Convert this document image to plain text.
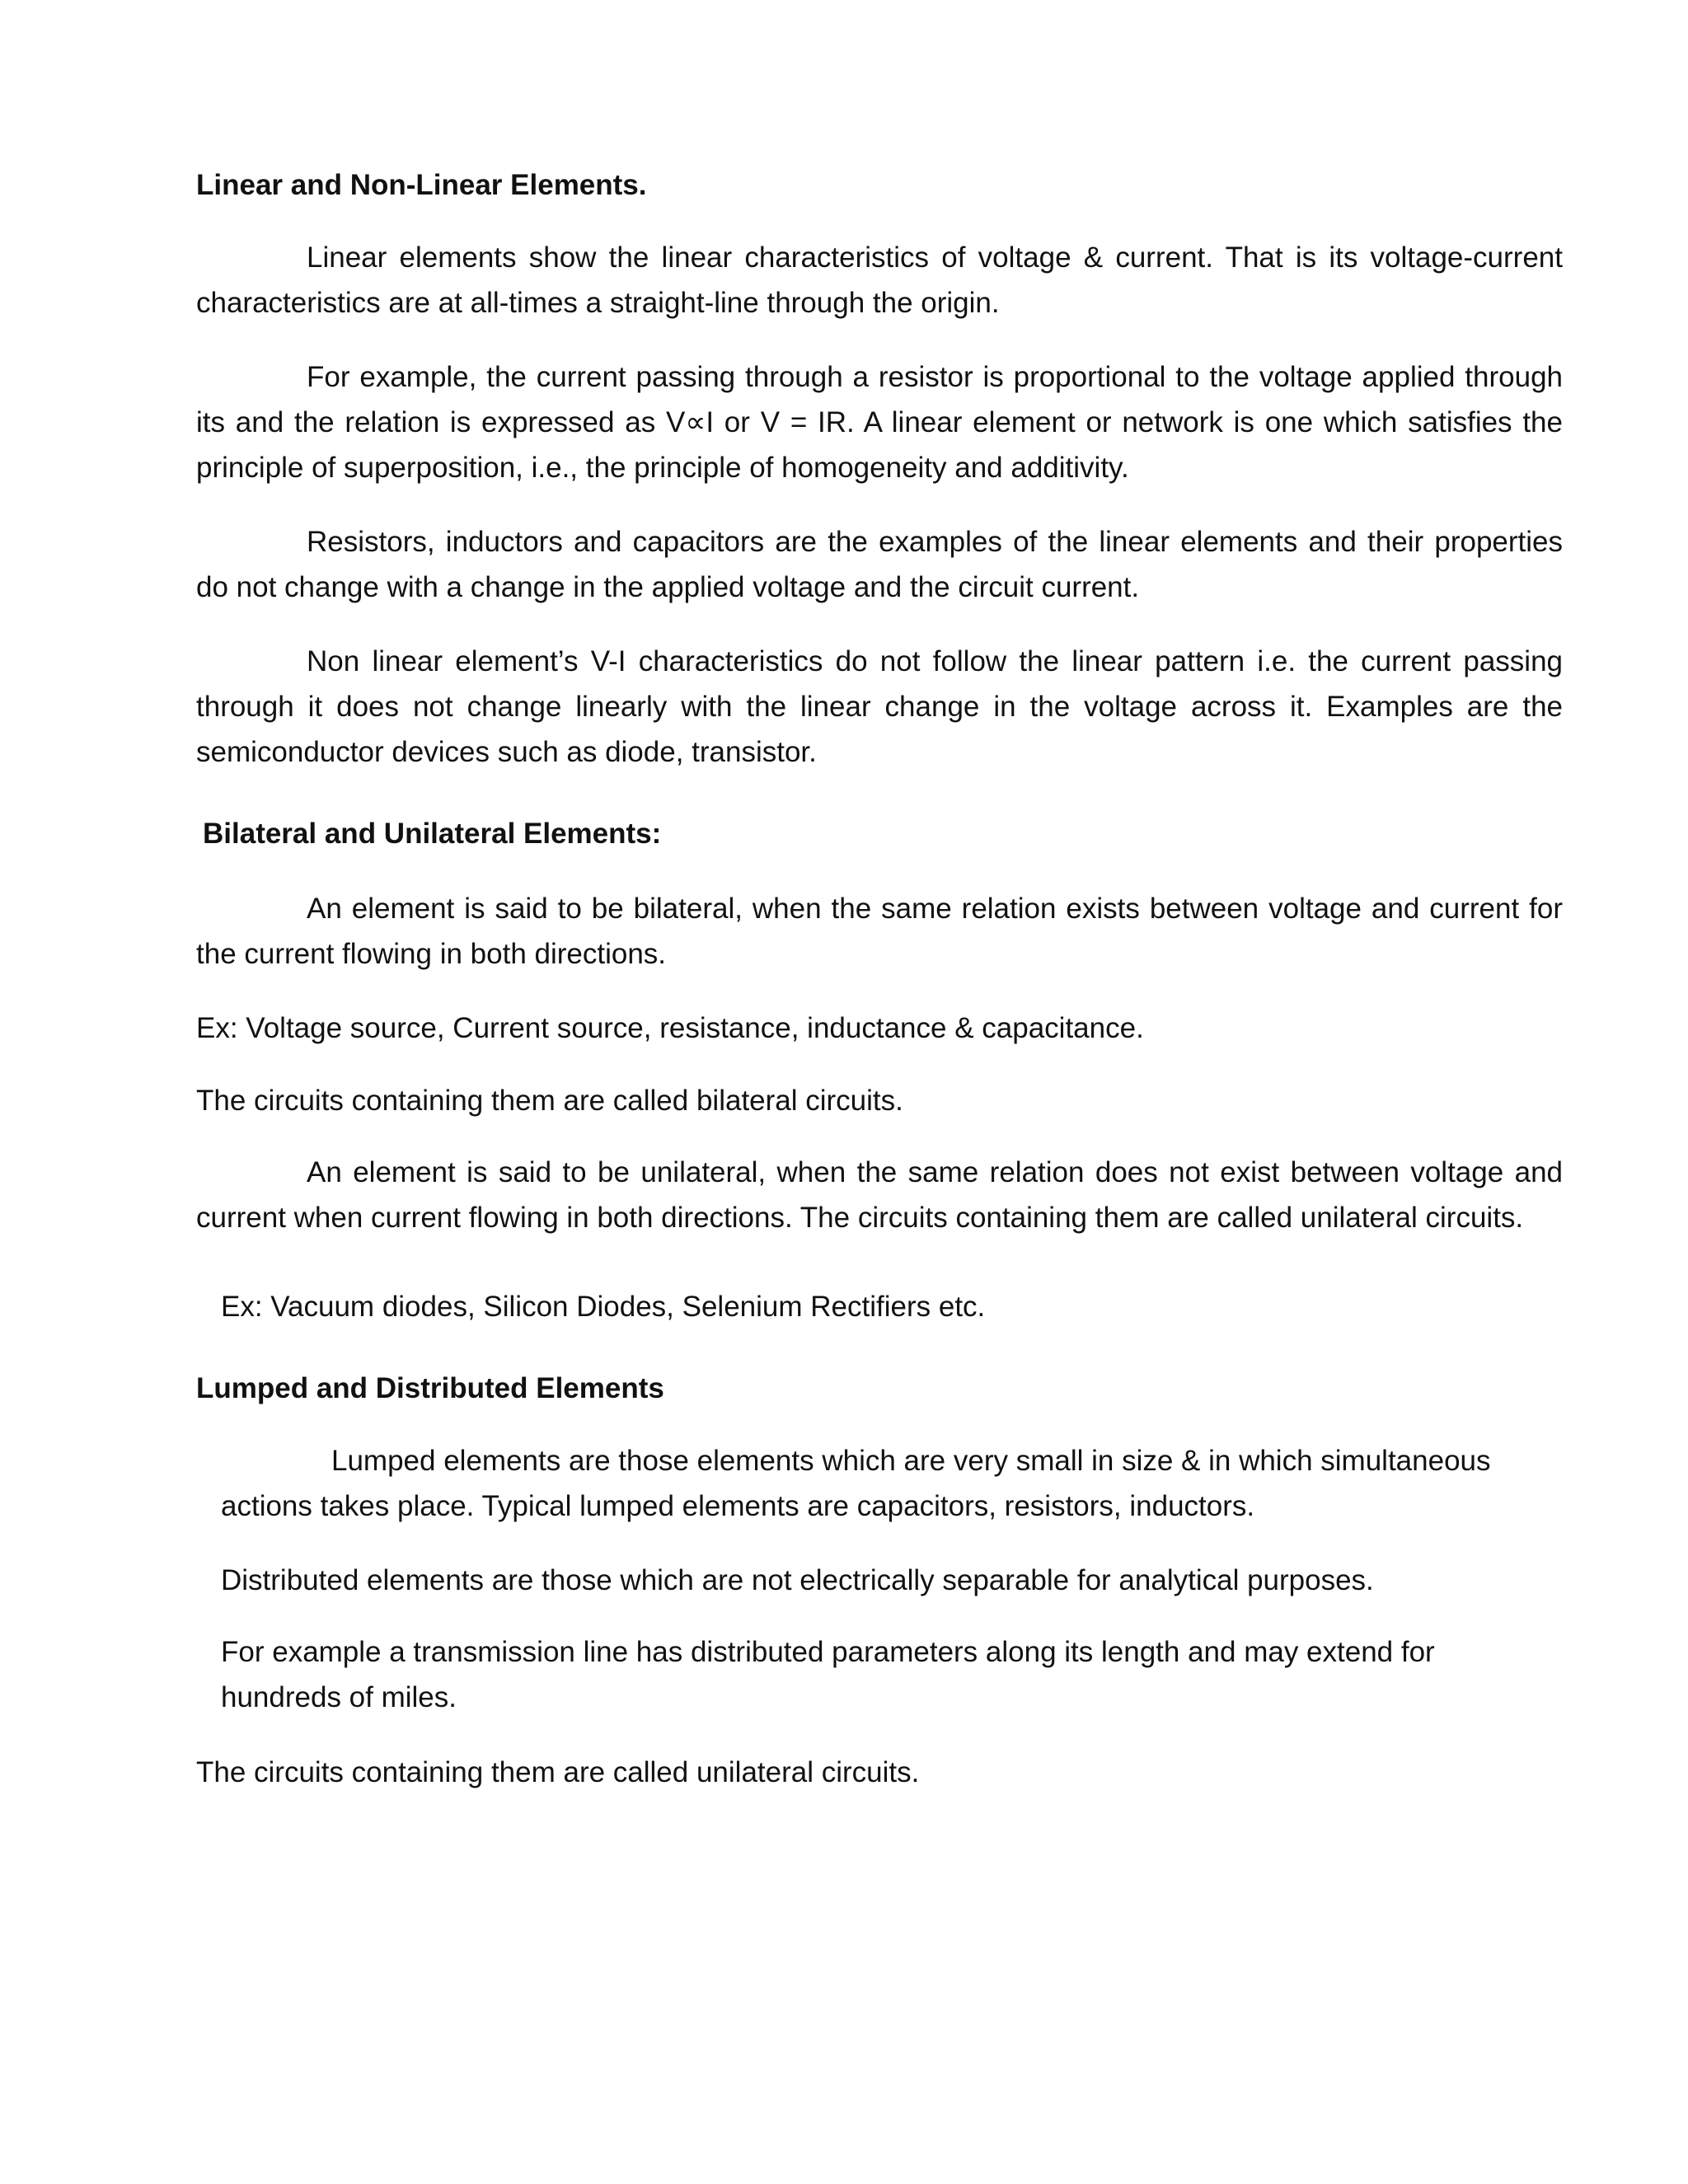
Linear and Non-Linear Elements.

Linear elements show the linear characteristics of voltage & current. That is its voltage-current characteristics are at all-times a straight-line through the origin.

For example, the current passing through a resistor is proportional to the voltage applied through its and the relation is expressed as V∝I or V = IR. A linear element or network is one which satisfies the principle of superposition, i.e., the principle of homogeneity and additivity.

Resistors, inductors and capacitors are the examples of the linear elements and their properties do not change with a change in the applied voltage and the circuit current.

Non linear element’s V-I characteristics do not follow the linear pattern i.e. the current passing through it does not change linearly with the linear change in the voltage across it. Examples are the semiconductor devices such as diode, transistor.

Bilateral and Unilateral Elements:

An element is said to be bilateral, when the same relation exists between voltage and current for the current flowing in both directions.

Ex: Voltage source, Current source, resistance, inductance & capacitance.

The circuits containing them are called bilateral circuits.

An element is said to be unilateral, when the same relation does not exist between voltage and current when current flowing in both directions. The circuits containing them are called unilateral circuits.

Ex: Vacuum diodes, Silicon Diodes, Selenium Rectifiers etc.

Lumped and Distributed Elements

Lumped elements are those elements which are very small in size & in which simultaneous actions takes place. Typical lumped elements are capacitors, resistors, inductors.

Distributed elements are those which are not electrically separable for analytical purposes.

For example a transmission line has distributed parameters along its length and may extend for hundreds of miles.

The circuits containing them are called unilateral circuits.
